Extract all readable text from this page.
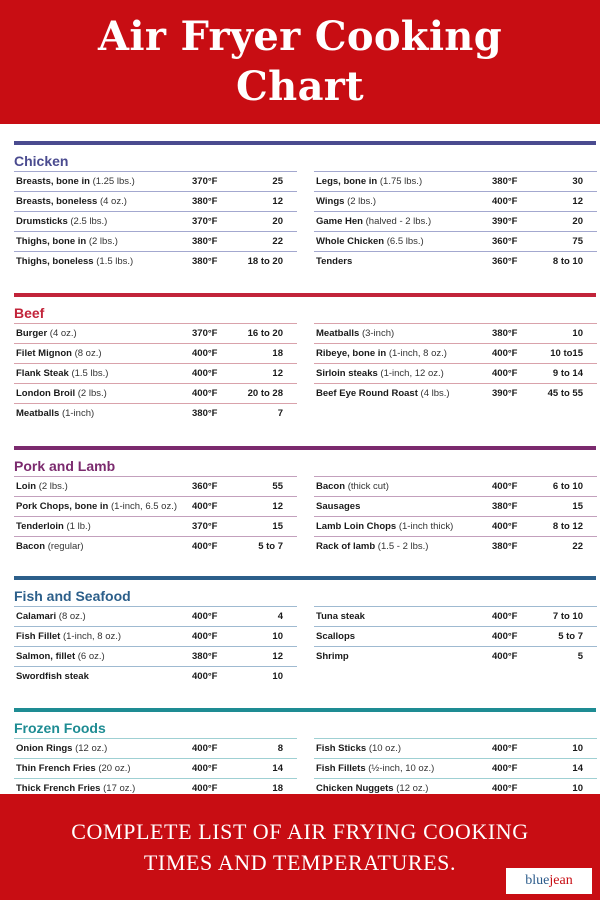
Air Fryer Cooking
Chart
Chicken
Breasts, bone in (1.25 lbs.)	370°F	25
Breasts, boneless (4 oz.)	380°F	12
Drumsticks (2.5 lbs.)	370°F	20
Thighs, bone in (2 lbs.)	380°F	22
Thighs, boneless (1.5 lbs.)	380°F	18 to 20
Legs, bone in (1.75 lbs.)	380°F	30
Wings (2 lbs.)	400°F	12
Game Hen (halved - 2 lbs.)	390°F	20
Whole Chicken (6.5 lbs.)	360°F	75
Tenders	360°F	8 to 10
Beef
Burger (4 oz.)	370°F	16 to 20
Filet Mignon (8 oz.)	400°F	18
Flank Steak (1.5 lbs.)	400°F	12
London Broil (2 lbs.)	400°F	20 to 28
Meatballs (1-inch)	380°F	7
Meatballs (3-inch)	380°F	10
Ribeye, bone in (1-inch, 8 oz.)	400°F	10 to15
Sirloin steaks (1-inch, 12 oz.)	400°F	9 to 14
Beef Eye Round Roast (4 lbs.)	390°F	45 to 55
Pork and Lamb
Loin (2 lbs.)	360°F	55
Pork Chops, bone in (1-inch, 6.5 oz.) 400°F	12
Tenderloin (1 lb.)	370°F	15
Bacon (regular)	400°F	5 to 7
Bacon (thick cut)	400°F	6 to 10
Sausages	380°F	15
Lamb Loin Chops (1-inch thick)	400°F	8 to 12
Rack of lamb (1.5 - 2 lbs.)	380°F	22
Fish and Seafood
Calamari (8 oz.)	400°F	4
Fish Fillet (1-inch, 8 oz.)	400°F	10
Salmon, fillet (6 oz.)	380°F	12
Swordfish steak	400°F	10
Tuna steak	400°F	7 to 10
Scallops	400°F	5 to 7
Shrimp	400°F	5
Frozen Foods
Onion Rings (12 oz.)	400°F	8
Thin French Fries (20 oz.)	400°F	14
Thick French Fries (17 oz.)	400°F	18
Fish Sticks (10 oz.)	400°F	10
Fish Fillets (½-inch, 10 oz.)	400°F	14
Chicken Nuggets (12 oz.)	400°F	10

COMPLETE LIST OF AIR FRYING COOKING
TIMES AND TEMPERATURES.

blue jean
